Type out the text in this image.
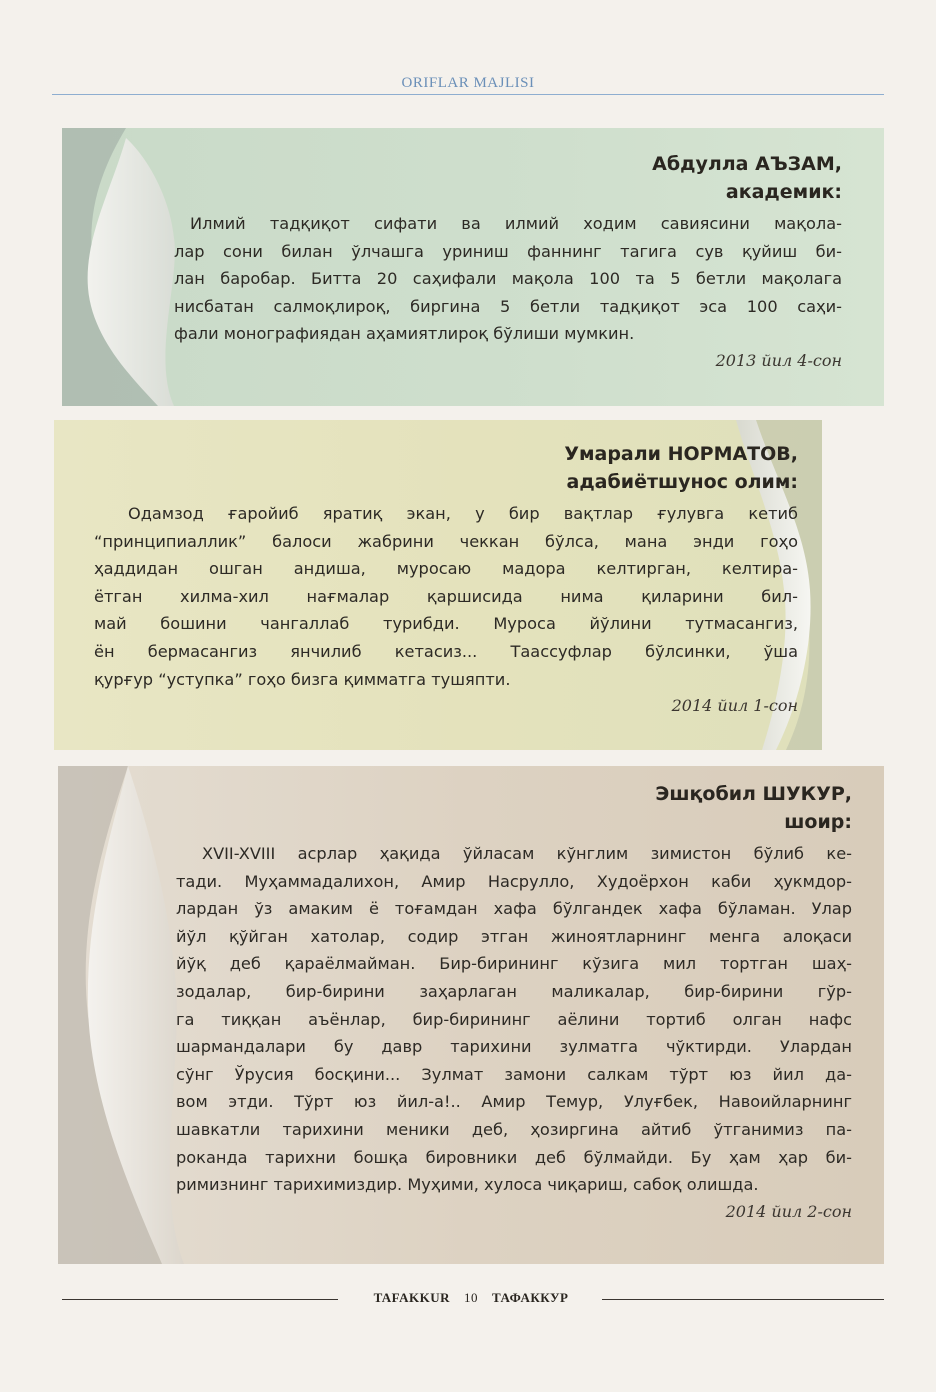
ORIFLAR MAJLISI
Абдулла АЪЗАМ,
академик:
Илмий тадқиқот сифати ва илмий ходим савиясини мақола-
лар сони билан ўлчашга уриниш фаннинг тагига сув қуйиш би-
лан баробар. Битта 20 саҳифали мақола 100 та 5 бетли мақолага
нисбатан салмоқлироқ, биргина 5 бетли тадқиқот эса 100 саҳи-
фали монографиядан аҳамиятлироқ бўлиши мумкин.
2013 йил 4-сон
Умарали НОРМАТОВ,
адабиётшунос олим:
Одамзод ғаройиб яратиқ экан, у бир вақтлар ғулувга кетиб
“принципиаллик” балоси жабрини чеккан бўлса, мана энди гоҳо
ҳаддидан ошган андиша, муросаю мадора келтирган, келтира-
ётган хилма-хил нағмалар қаршисида нима қиларини бил-
май бошини чангаллаб турибди. Муроса йўлини тутмасангиз,
ён бермасангиз янчилиб кетасиз... Таассуфлар бўлсинки, ўша
қурғур “уступка” гоҳо бизга қимматга тушяпти.
2014 йил 1-сон
Эшқобил ШУКУР,
шоир:
XVII-XVIII асрлар ҳақида ўйласам кўнглим зимистон бўлиб ке-
тади. Муҳаммадалихон, Амир Насрулло, Худоёрхон каби ҳукмдор-
лардан ўз амаким ё тоғамдан хафа бўлгандек хафа бўламан. Улар
йўл қўйган хатолар, содир этган жиноятларнинг менга алоқаси
йўқ деб қараёлмайман. Бир-бирининг кўзига мил тортган шаҳ-
зодалар, бир-бирини заҳарлаган маликалар, бир-бирини гўр-
га тиққан аъёнлар, бир-бирининг аёлини тортиб олган нафс
шармандалари бу давр тарихини зулматга чўктирди. Улардан
сўнг Ўрусия босқини... Зулмат замони салкам тўрт юз йил да-
вом этди. Тўрт юз йил-а!.. Амир Темур, Улуғбек, Навоийларнинг
шавкатли тарихини меники деб, ҳозиргина айтиб ўтганимиз па-
роканда тарихни бошқа бировники деб бўлмайди. Бу ҳам ҳар би-
римизнинг тарихимиздир. Муҳими, хулоса чиқариш, сабоқ олишда.
2014 йил 2-сон
TAFAKKUR 10 ТАФАККУР
